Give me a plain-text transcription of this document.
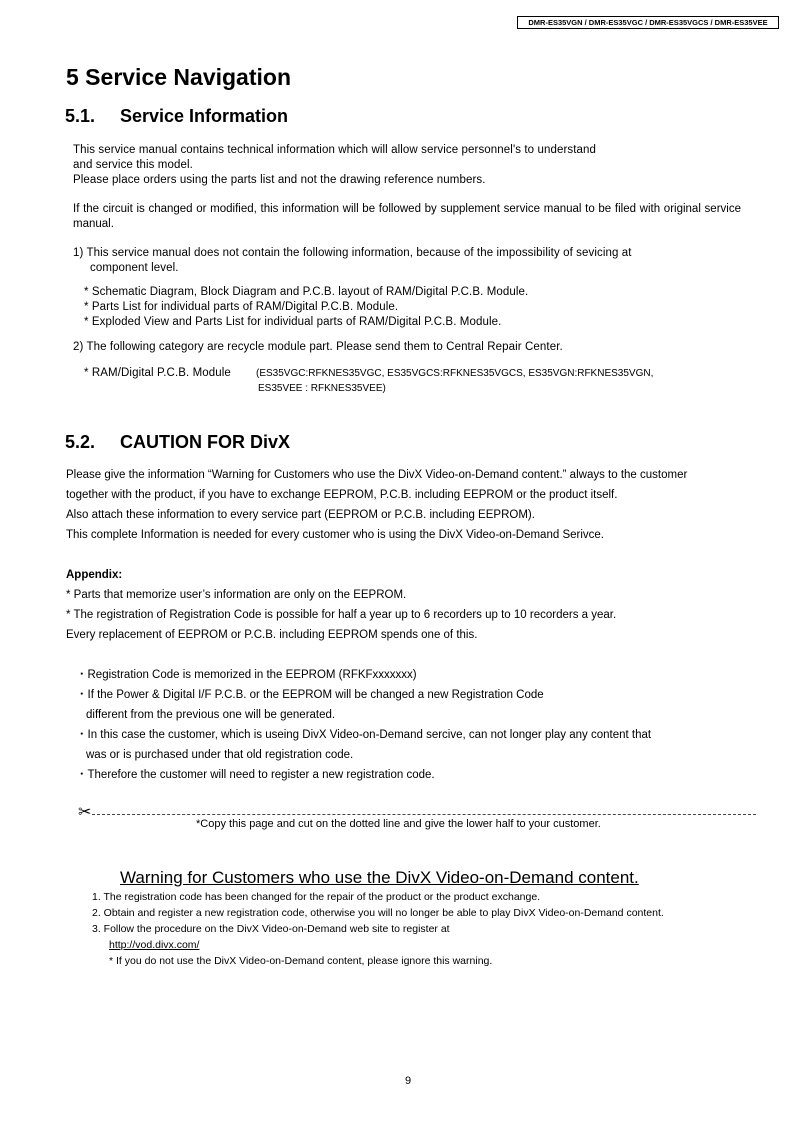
DMR-ES35VGN / DMR-ES35VGC / DMR-ES35VGCS / DMR-ES35VEE
5 Service Navigation
5.1. Service Information
This service manual contains technical information which will allow service personnel's to understand
and service this model.
Please place orders using the parts list and not the drawing reference numbers.
If the circuit is changed or modified, this information will be followed by supplement service manual to be filed with original service manual.
1) This service manual does not contain the following information, because of the impossibility of sevicing at
component level.
* Schematic Diagram, Block Diagram and P.C.B. layout of RAM/Digital P.C.B. Module.
* Parts List for individual parts of RAM/Digital P.C.B. Module.
* Exploded View and Parts List for individual parts of RAM/Digital P.C.B. Module.
2) The following category are recycle module part. Please send them to Central Repair Center.
* RAM/Digital P.C.B. Module	(ES35VGC:RFKNES35VGC, ES35VGCS:RFKNES35VGCS, ES35VGN:RFKNES35VGN,
ES35VEE : RFKNES35VEE)
5.2. CAUTION FOR DivX
Please give the information “Warning for Customers who use the DivX Video-on-Demand content.” always to the customer
together with the product, if you have to exchange EEPROM, P.C.B. including EEPROM or the product itself.
Also attach these information to every service part (EEPROM or P.C.B. including EEPROM).
This complete Information is needed for every customer who is using the DivX Video-on-Demand Serivce.
Appendix:
* Parts that memorize user’s information are only on the EEPROM.
* The registration of Registration Code is possible for half a year up to 6 recorders up to 10 recorders a year.
Every replacement of EEPROM or P.C.B. including EEPROM spends one of this.
・Registration Code is memorized in the EEPROM (RFKFxxxxxxx)
・If the Power & Digital I/F P.C.B. or the EEPROM will be changed a new Registration Code
different from the previous one will be generated.
・In this case the customer, which is useing DivX Video-on-Demand sercive, can not longer play any content that
was or is purchased under that old registration code.
・Therefore the customer will need to register a new registration code.
*Copy this page and cut on the dotted line and give the lower half to your customer.
✂
Warning for Customers who use the DivX Video-on-Demand content.
1. The registration code has been changed for the repair of the product or the product exchange.
2. Obtain and register a new registration code, otherwise you will no longer be able to play DivX Video-on-Demand content.
3. Follow the procedure on the DivX Video-on-Demand web site to register at
http://vod.divx.com/
* If you do not use the DivX Video-on-Demand content, please ignore this warning.
9
